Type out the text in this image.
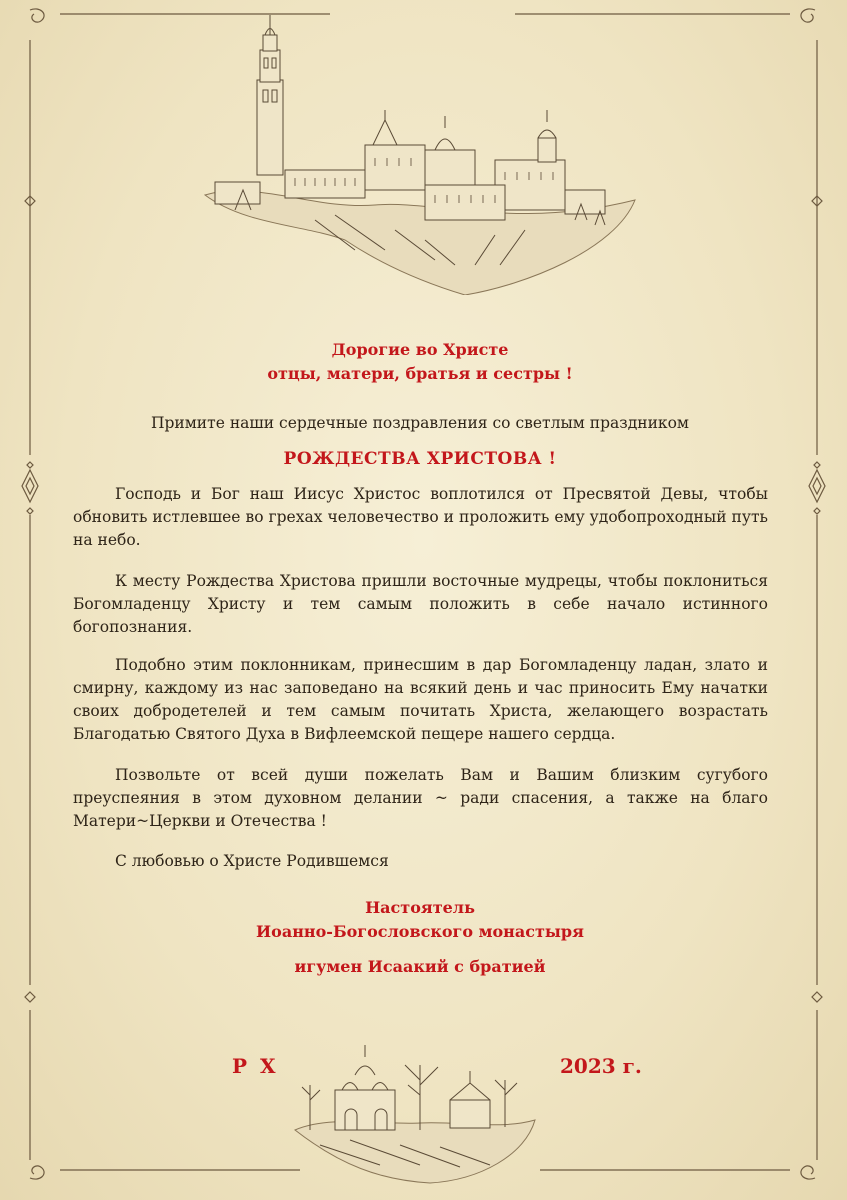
Дорогие во Христе
отцы, матери, братья и сестры !
Примите наши сердечные поздравления со светлым праздником
РОЖДЕСТВА ХРИСТОВА !
Господь и Бог наш Иисус Христос воплотился от Пресвятой Девы, чтобы обновить истлевшее во грехах человечество и проложить ему удобопроходный путь на небо.
К месту Рождества Христова пришли восточные мудрецы, чтобы поклониться Богомладенцу Христу и тем самым положить в себе начало истинного богопознания.
Подобно этим поклонникам, принесшим в дар Богомладенцу ладан, злато и смирну, каждому из нас заповедано на всякий день и час приносить Ему начатки своих добродетелей и тем самым почитать Христа, желающего возрастать Благодатью Святого Духа в Вифлеемской пещере нашего сердца.
Позвольте от всей души пожелать Вам и Вашим близким сугубого преуспеяния в этом духовном делании ~ ради спасения, а также на благо Матери~Церкви и Отечества !
С любовью о Христе Родившемся
Настоятель
Иоанно-Богословского монастыря
игумен Исаакий с братией
Р Х	2023 г.
